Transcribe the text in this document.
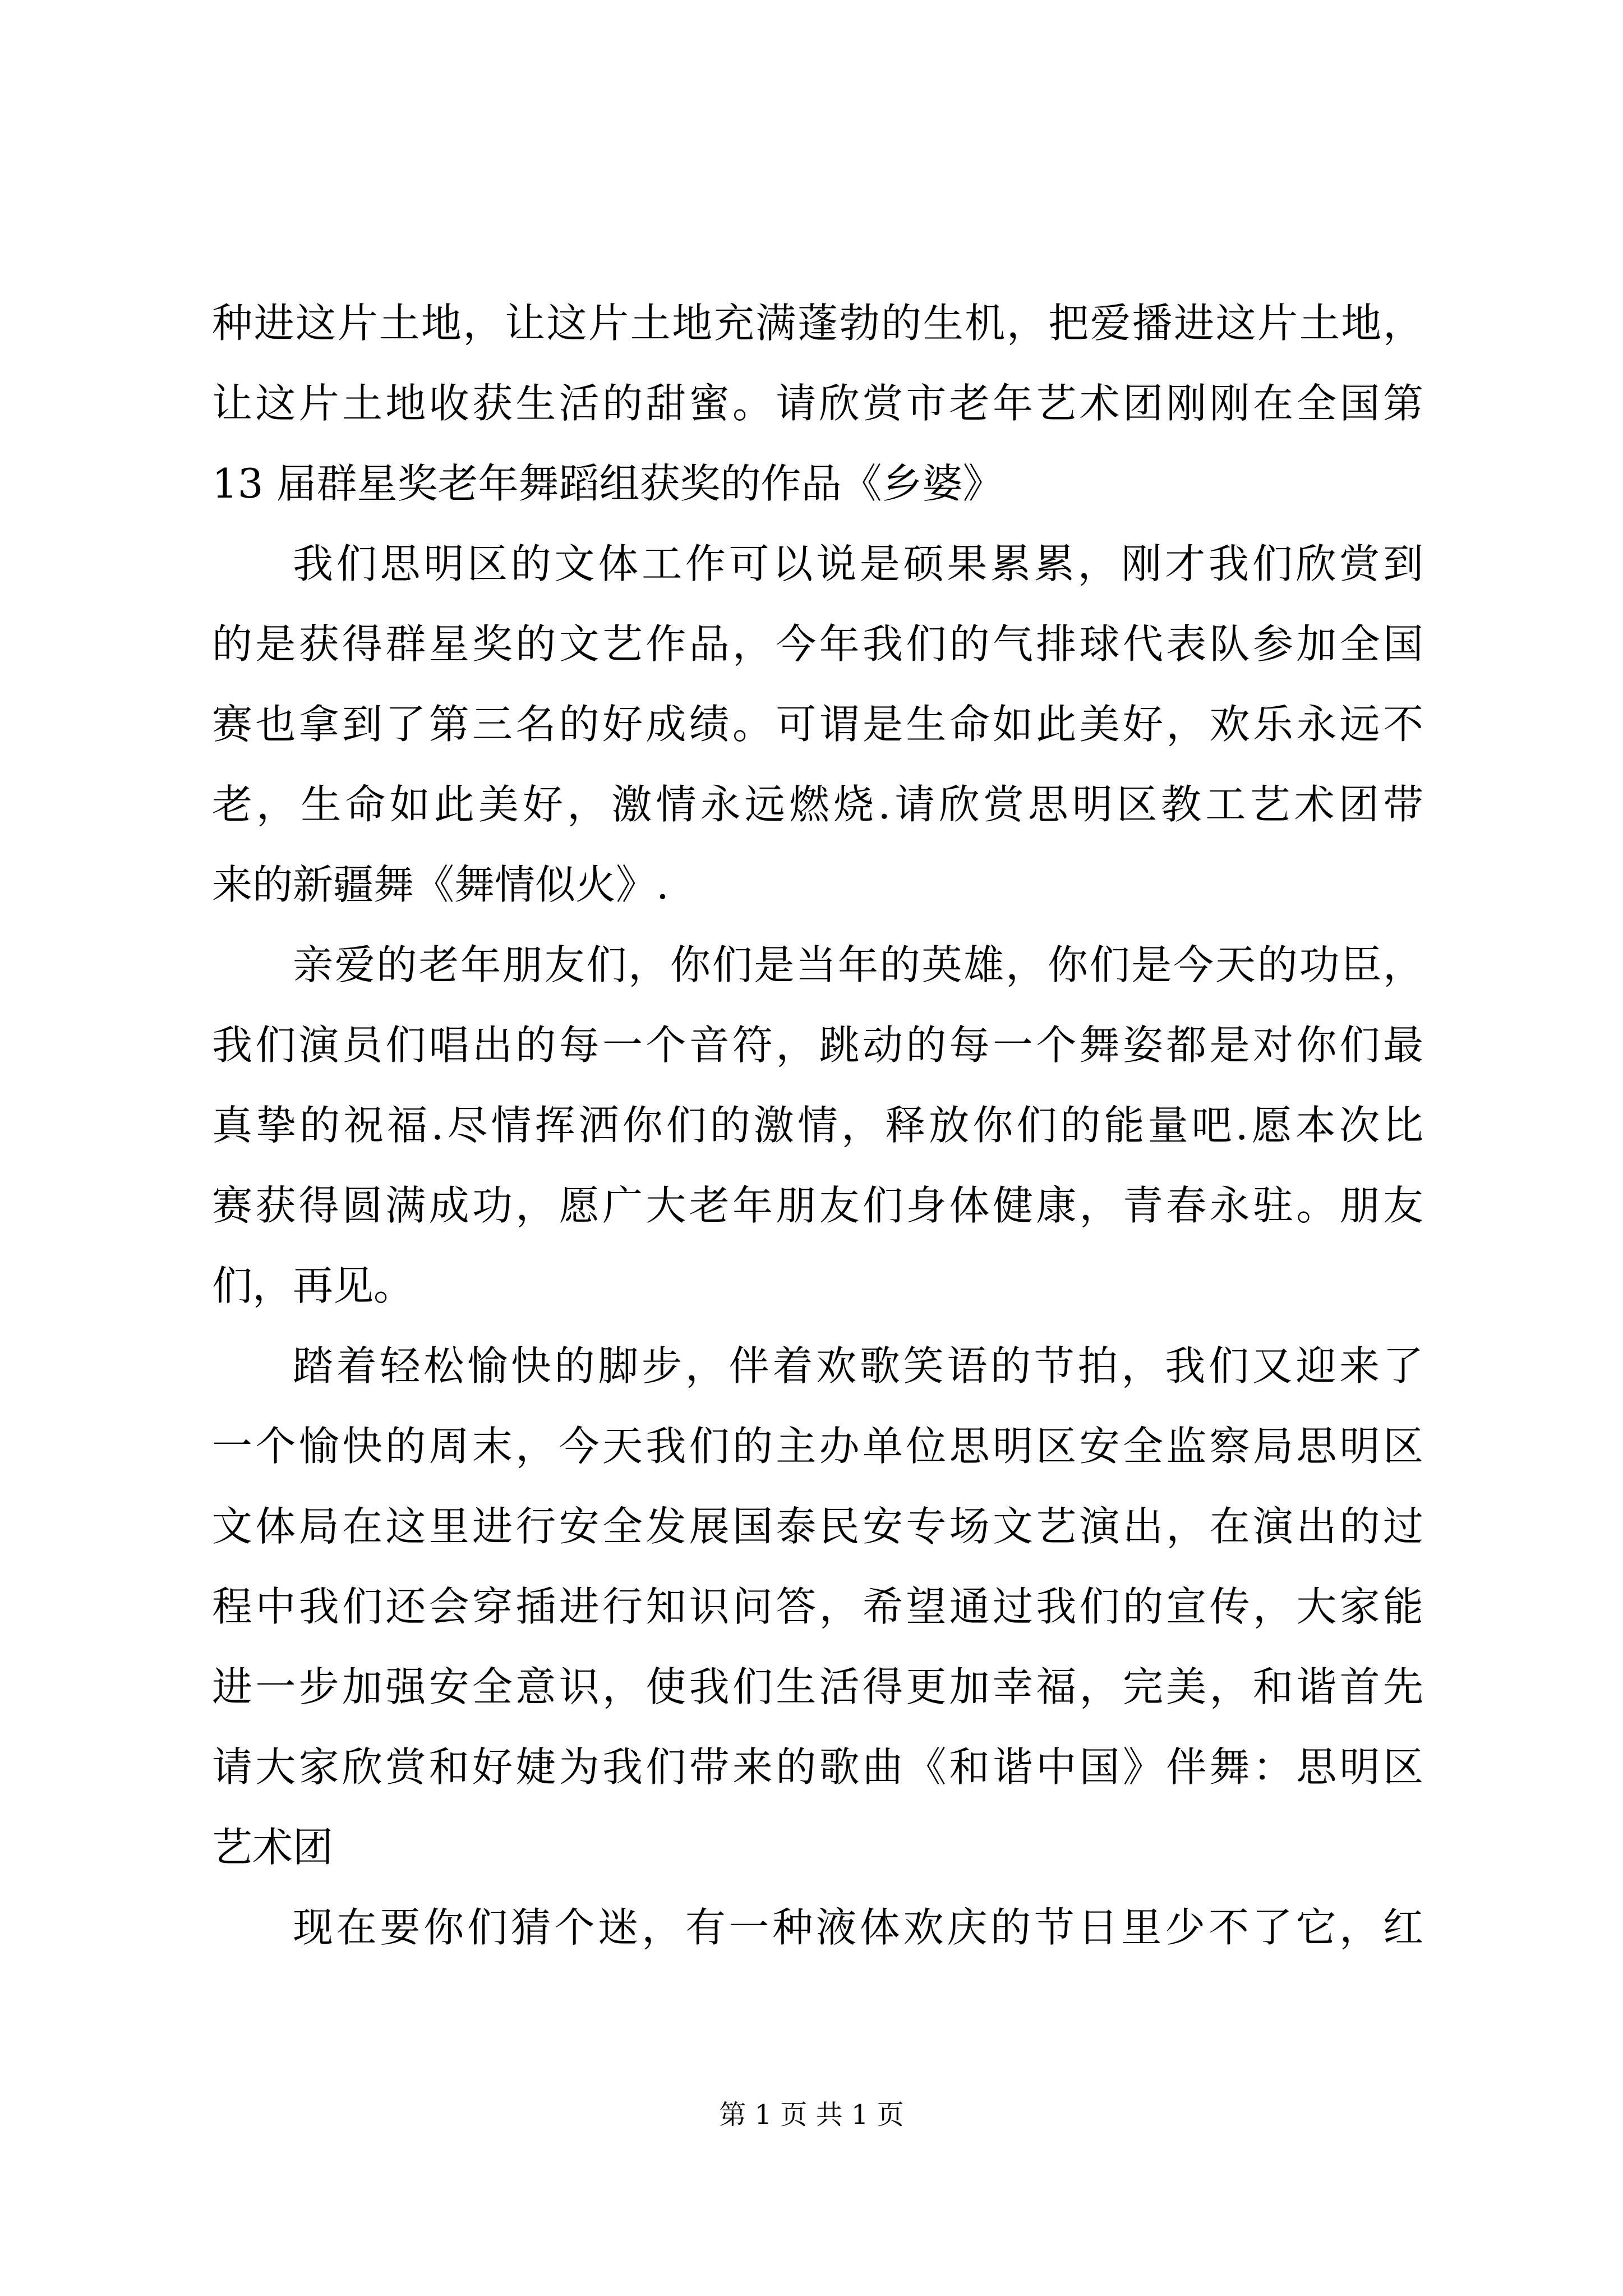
种进这片土地，让这片土地充满蓬勃的生机，把爱播进这片土地，
让这片土地收获生活的甜蜜。请欣赏市老年艺术团刚刚在全国第
13 届群星奖老年舞蹈组获奖的作品《乡婆》
我们思明区的文体工作可以说是硕果累累，刚才我们欣赏到
的是获得群星奖的文艺作品，今年我们的气排球代表队参加全国
赛也拿到了第三名的好成绩。可谓是生命如此美好，欢乐永远不
老，生命如此美好，激情永远燃烧.请欣赏思明区教工艺术团带
来的新疆舞《舞情似火》.
亲爱的老年朋友们，你们是当年的英雄，你们是今天的功臣，
我们演员们唱出的每一个音符，跳动的每一个舞姿都是对你们最
真挚的祝福.尽情挥洒你们的激情，释放你们的能量吧.愿本次比
赛获得圆满成功，愿广大老年朋友们身体健康，青春永驻。朋友
们，再见。
踏着轻松愉快的脚步，伴着欢歌笑语的节拍，我们又迎来了
一个愉快的周末，今天我们的主办单位思明区安全监察局思明区
文体局在这里进行安全发展国泰民安专场文艺演出，在演出的过
程中我们还会穿插进行知识问答，希望通过我们的宣传，大家能
进一步加强安全意识，使我们生活得更加幸福，完美，和谐首先
请大家欣赏和好婕为我们带来的歌曲《和谐中国》伴舞：思明区
艺术团
现在要你们猜个迷，有一种液体欢庆的节日里少不了它，红
第 1 页 共 1 页
